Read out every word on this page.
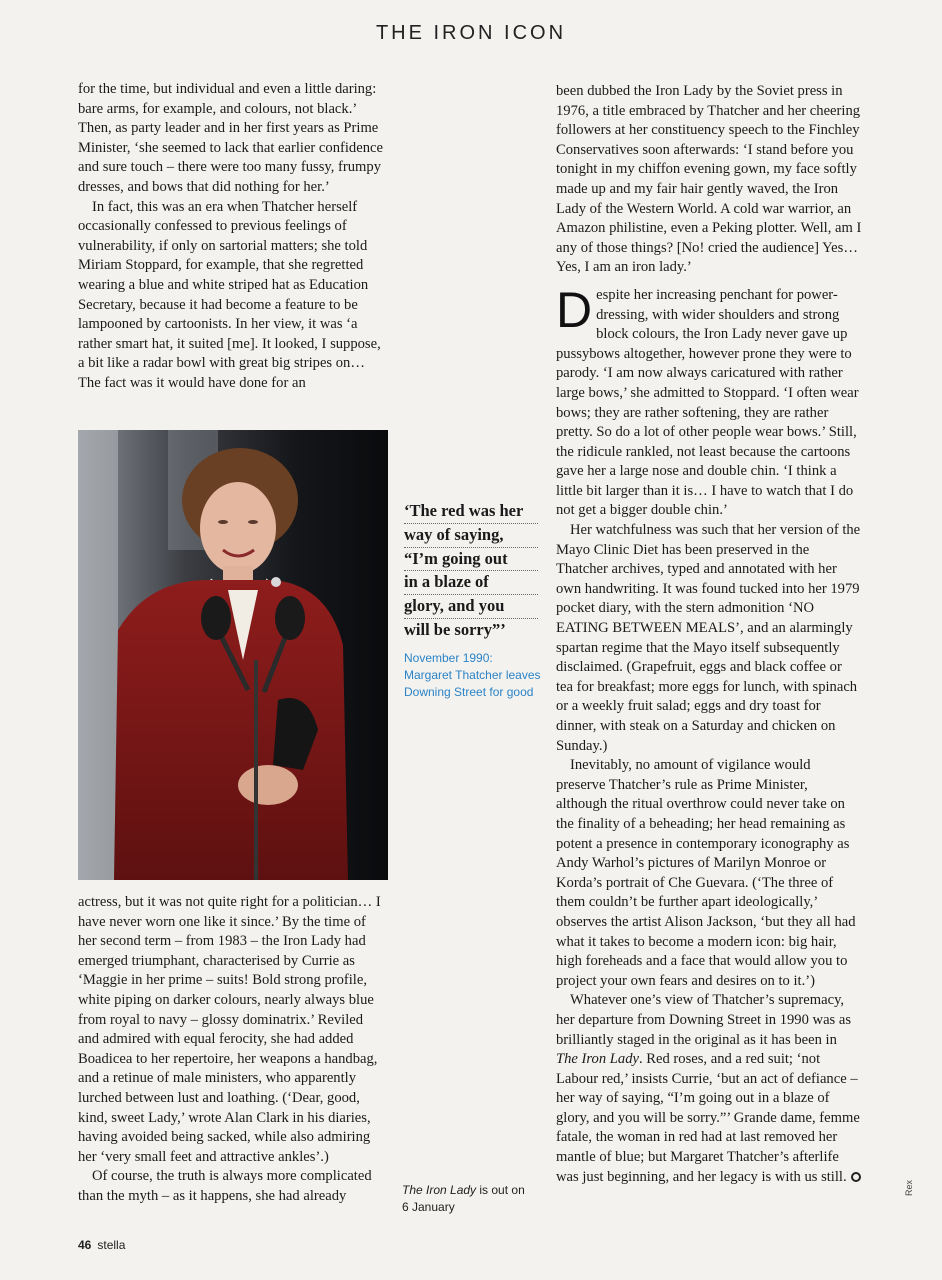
THE IRON ICON

for the time, but individual and even a little daring: bare arms, for example, and colours, not black.’ Then, as party leader and in her first years as Prime Minister, ‘she seemed to lack that earlier confidence and sure touch – there were too many fussy, frumpy dresses, and bows that did nothing for her.’

In fact, this was an era when Thatcher herself occasionally confessed to previous feelings of vulnerability, if only on sartorial matters; she told Miriam Stoppard, for example, that she regretted wearing a blue and white striped hat as Education Secretary, because it had become a feature to be lampooned by cartoonists. In her view, it was ‘a rather smart hat, it suited [me]. It looked, I suppose, a bit like a radar bowl with great big stripes on… The fact was it would have done for an

‘The red was her
way of saying,
“I’m going out
in a blaze of
glory, and you
will be sorry”’
November 1990: Margaret Thatcher leaves Downing Street for good

actress, but it was not quite right for a politician… I have never worn one like it since.’ By the time of her second term – from 1983 – the Iron Lady had emerged triumphant, characterised by Currie as ‘Maggie in her prime – suits! Bold strong profile, white piping on darker colours, nearly always blue from royal to navy – glossy dominatrix.’ Reviled and admired with equal ferocity, she had added Boadicea to her repertoire, her weapons a handbag, and a retinue of male ministers, who apparently lurched between lust and loathing. (‘Dear, good, kind, sweet Lady,’ wrote Alan Clark in his diaries, having avoided being sacked, while also admiring her ‘very small feet and attractive ankles’.)

Of course, the truth is always more complicated than the myth – as it happens, she had already	The Iron Lady is out on 6 January

been dubbed the Iron Lady by the Soviet press in 1976, a title embraced by Thatcher and her cheering followers at her constituency speech to the Finchley Conservatives soon afterwards: ‘I stand before you tonight in my chiffon evening gown, my face softly made up and my fair hair gently waved, the Iron Lady of the Western World. A cold war warrior, an Amazon philistine, even a Peking plotter. Well, am I any of those things? [No! cried the audience] Yes… Yes, I am an iron lady.’

Despite her increasing penchant for power-dressing, with wider shoulders and strong block colours, the Iron Lady never gave up pussybows altogether, however prone they were to parody. ‘I am now always caricatured with rather large bows,’ she admitted to Stoppard. ‘I often wear bows; they are rather softening, they are rather pretty. So do a lot of other people wear bows.’ Still, the ridicule rankled, not least because the cartoons gave her a large nose and double chin. ‘I think a little bit larger than it is… I have to watch that I do not get a bigger double chin.’

Her watchfulness was such that her version of the Mayo Clinic Diet has been preserved in the Thatcher archives, typed and annotated with her own handwriting. It was found tucked into her 1979 pocket diary, with the stern admonition ‘NO EATING BETWEEN MEALS’, and an alarmingly spartan regime that the Mayo itself subsequently disclaimed. (Grapefruit, eggs and black coffee or tea for breakfast; more eggs for lunch, with spinach or a weekly fruit salad; eggs and dry toast for dinner, with steak on a Saturday and chicken on Sunday.)

Inevitably, no amount of vigilance would preserve Thatcher’s rule as Prime Minister, although the ritual overthrow could never take on the finality of a beheading; her head remaining as potent a presence in contemporary iconography as Andy Warhol’s pictures of Marilyn Monroe or Korda’s portrait of Che Guevara. (‘The three of them couldn’t be further apart ideologically,’ observes the artist Alison Jackson, ‘but they all had what it takes to become a modern icon: big hair, high foreheads and a face that would allow you to project your own fears and desires on to it.’)

Whatever one’s view of Thatcher’s supremacy, her departure from Downing Street in 1990 was as brilliantly staged in the original as it has been in The Iron Lady. Red roses, and a red suit; ‘not Labour red,’ insists Currie, ‘but an act of defiance – her way of saying, “I’m going out in a blaze of glory, and you will be sorry.”’ Grande dame, femme fatale, the woman in red had at last removed her mantle of blue; but Margaret Thatcher’s afterlife was just beginning, and her legacy is with us still.

46 stella
Rex
